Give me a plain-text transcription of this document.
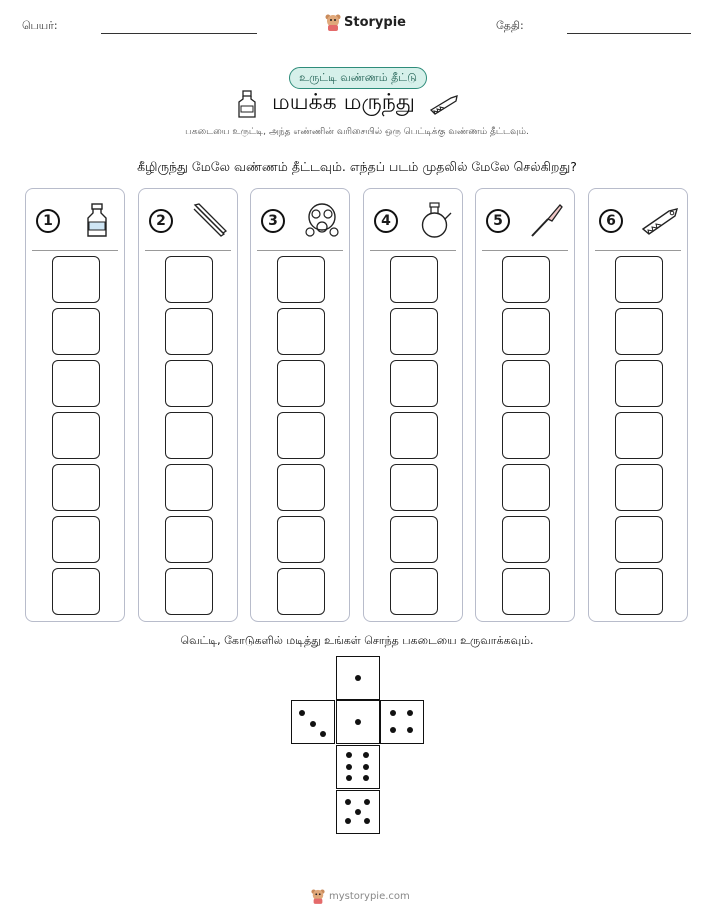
பெயர்:	Storypie	தேதி:
உருட்டி வண்ணம் தீட்டு
மயக்க மருந்து
பகடையை உருட்டி, அந்த எண்ணின் வரிசையில் ஒரு பெட்டிக்கு வண்ணம் தீட்டவும்.
கீழிருந்து மேலே வண்ணம் தீட்டவும். எந்தப் படம் முதலில் மேலே செல்கிறது?
1	2	3	4	5	6
வெட்டி, கோடுகளில் மடித்து உங்கள் சொந்த பகடையை உருவாக்கவும்.
mystorypie.com
